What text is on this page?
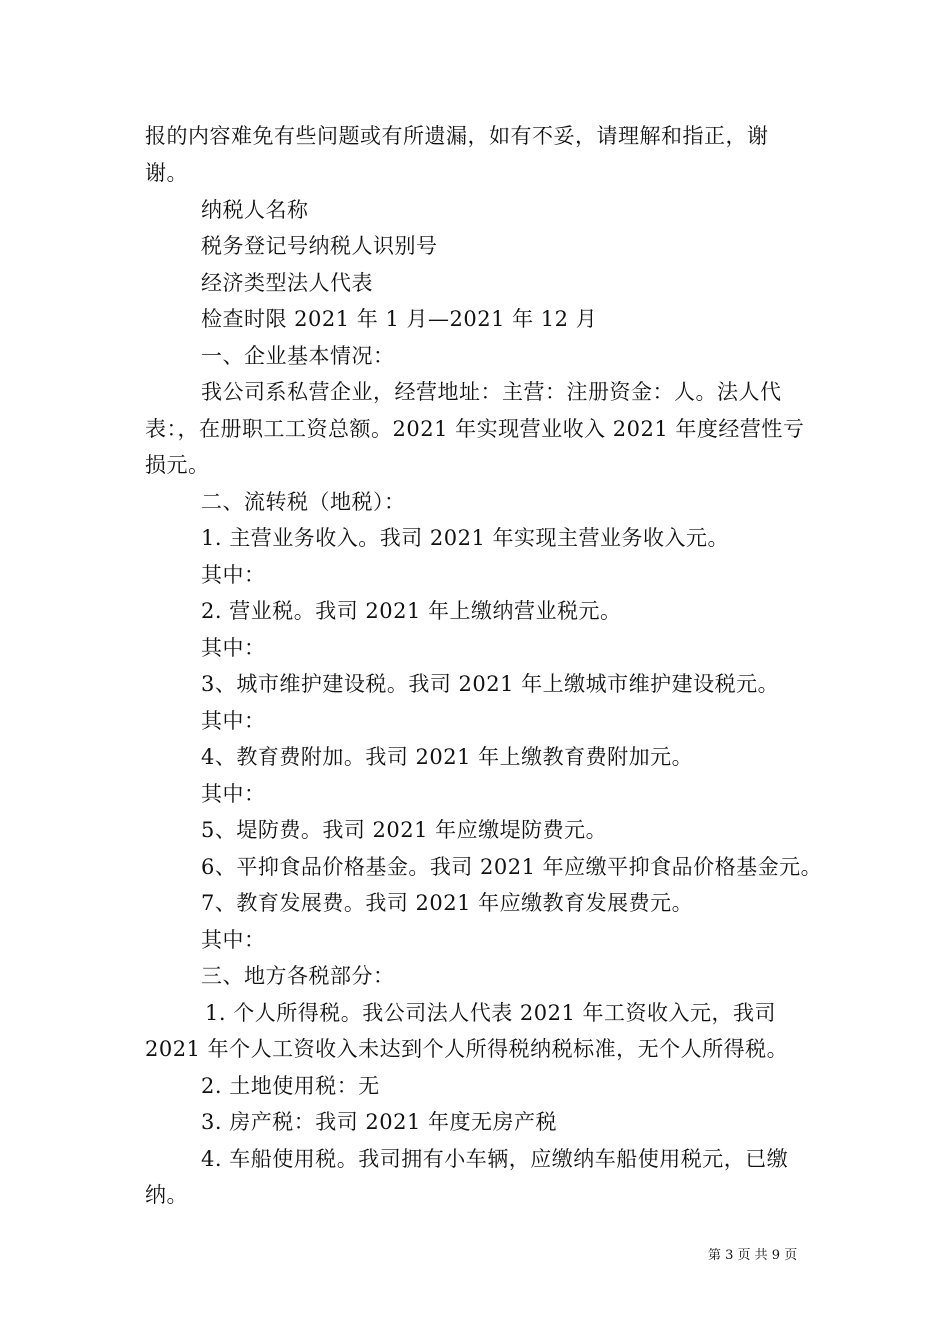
报的内容难免有些问题或有所遗漏，如有不妥，请理解和指正，谢
谢。
纳税人名称
税务登记号纳税人识别号
经济类型法人代表
检查时限 2021 年 1 月—2021 年 12 月
一、企业基本情况：
我公司系私营企业，经营地址：主营：注册资金：人。法人代
表：，在册职工工资总额。2021 年实现营业收入 2021 年度经营性亏
损元。
二、流转税（地税）：
1. 主营业务收入。我司 2021 年实现主营业务收入元。
其中：
2. 营业税。我司 2021 年上缴纳营业税元。
其中：
3、城市维护建设税。我司 2021 年上缴城市维护建设税元。
其中：
4、教育费附加。我司 2021 年上缴教育费附加元。
其中：
5、堤防费。我司 2021 年应缴堤防费元。
6、平抑食品价格基金。我司 2021 年应缴平抑食品价格基金元。
7、教育发展费。我司 2021 年应缴教育发展费元。
其中：
三、地方各税部分：
1. 个人所得税。我公司法人代表 2021 年工资收入元，我司
2021 年个人工资收入未达到个人所得税纳税标准，无个人所得税。
2. 土地使用税：无
3. 房产税：我司 2021 年度无房产税
4. 车船使用税。我司拥有小车辆，应缴纳车船使用税元，已缴
纳。
第 3 页 共 9 页
